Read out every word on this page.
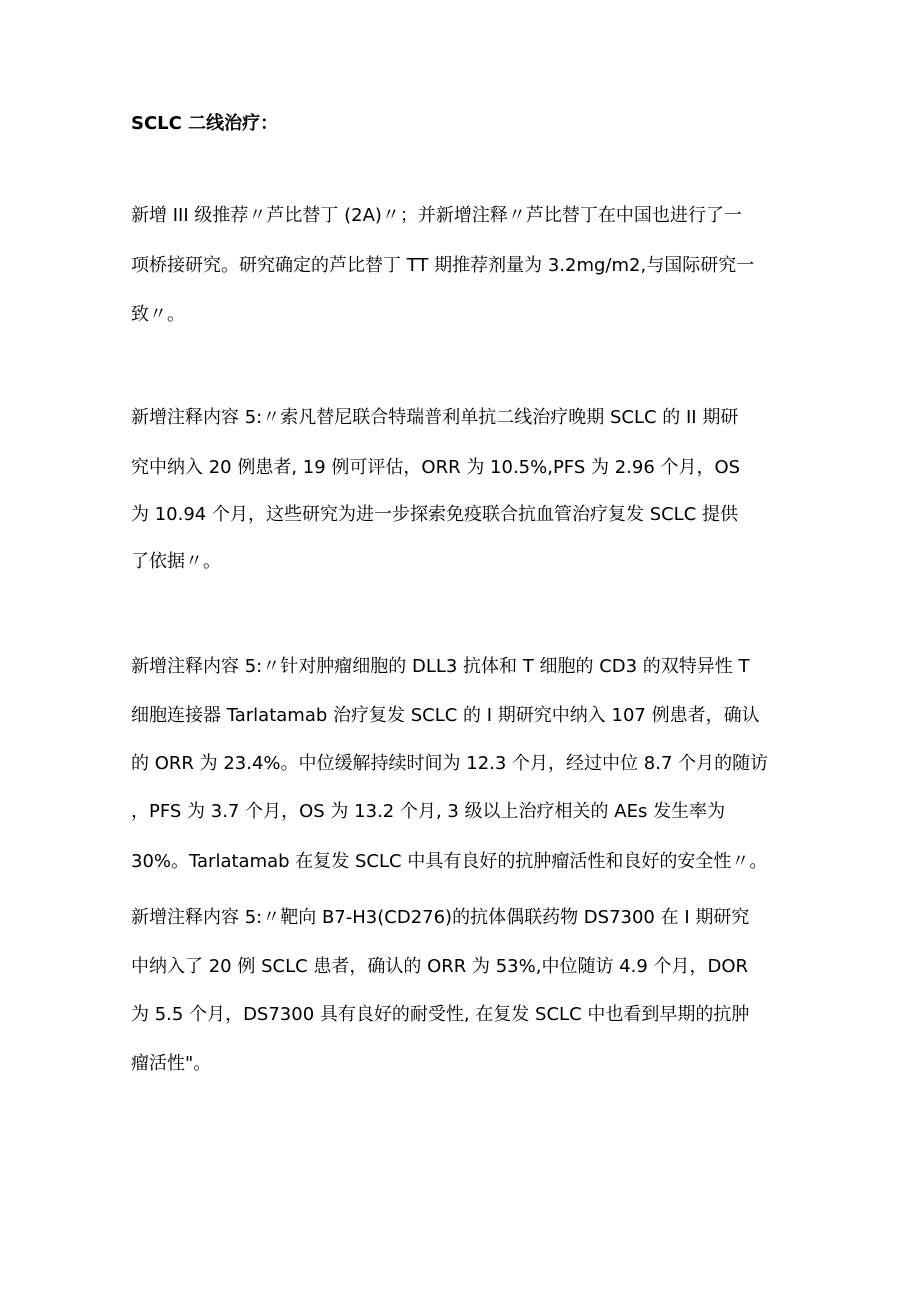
SCLC 二线治疗：
新增 III 级推荐〃芦比替丁 (2A)〃；并新增注释〃芦比替丁在中国也进行了一
项桥接研究。研究确定的芦比替丁 TT 期推荐剂量为 3.2mg/m2,与国际研究一
致〃。
新增注释内容 5:〃索凡替尼联合特瑞普利单抗二线治疗晚期 SCLC 的 II 期研
究中纳入 20 例患者, 19 例可评估，ORR 为 10.5%,PFS 为 2.96 个月，OS
为 10.94 个月，这些研究为进一步探索免疫联合抗血管治疗复发 SCLC 提供
了依据〃。
新增注释内容 5:〃针对肿瘤细胞的 DLL3 抗体和 T 细胞的 CD3 的双特异性 T
细胞连接器 Tarlatamab 治疗复发 SCLC 的 I 期研究中纳入 107 例患者，确认
的 ORR 为 23.4%。中位缓解持续时间为 12.3 个月，经过中位 8.7 个月的随访
，PFS 为 3.7 个月，OS 为 13.2 个月, 3 级以上治疗相关的 AEs 发生率为
30%。Tarlatamab 在复发 SCLC 中具有良好的抗肿瘤活性和良好的安全性〃。
新增注释内容 5:〃靶向 B7-H3(CD276)的抗体偶联药物 DS7300 在 I 期研究
中纳入了 20 例 SCLC 患者，确认的 ORR 为 53%,中位随访 4.9 个月，DOR
为 5.5 个月，DS7300 具有良好的耐受性, 在复发 SCLC 中也看到早期的抗肿
瘤活性"。
